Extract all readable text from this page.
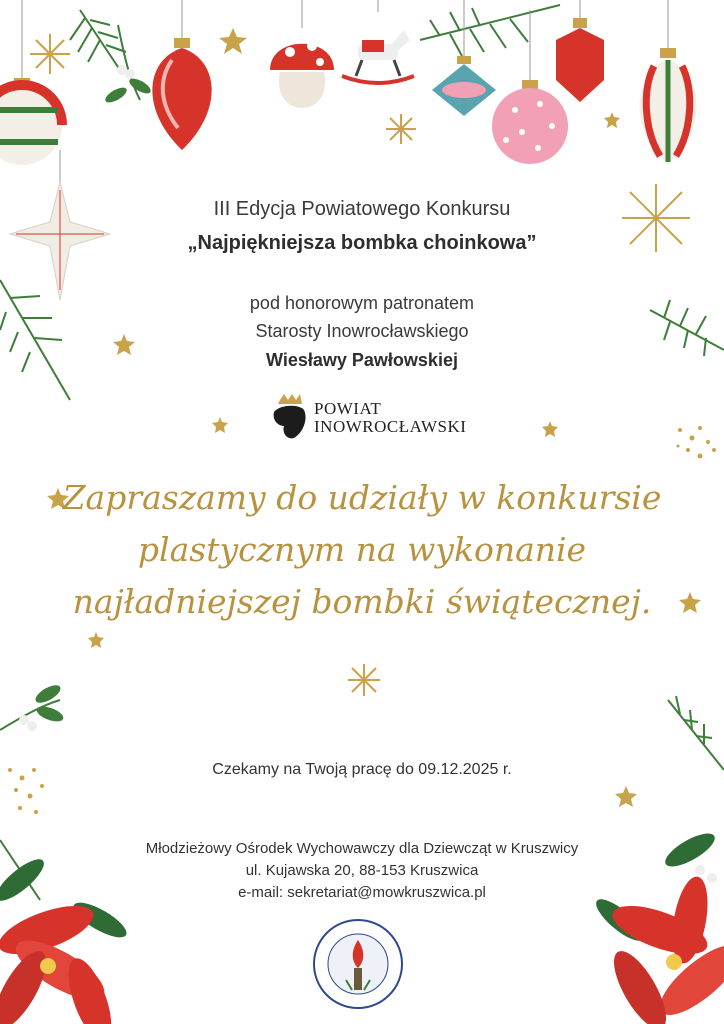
III Edycja Powiatowego Konkursu
„Najpiękniejsza bombka choinkowa”
pod honorowym patronatem
Starosty Inowrocławskiego
Wiesławy Pawłowskiej
POWIAT
INOWROCŁAWSKI
Zapraszamy do udziały w konkursie
plastycznym na wykonanie
najładniejszej bombki świątecznej.
Czekamy na Twoją pracę do 09.12.2025 r.
Młodzieżowy Ośrodek Wychowawczy dla Dziewcząt w Kruszwicy
ul. Kujawska 20, 88-153 Kruszwica
e-mail: sekretariat@mowkruszwica.pl
